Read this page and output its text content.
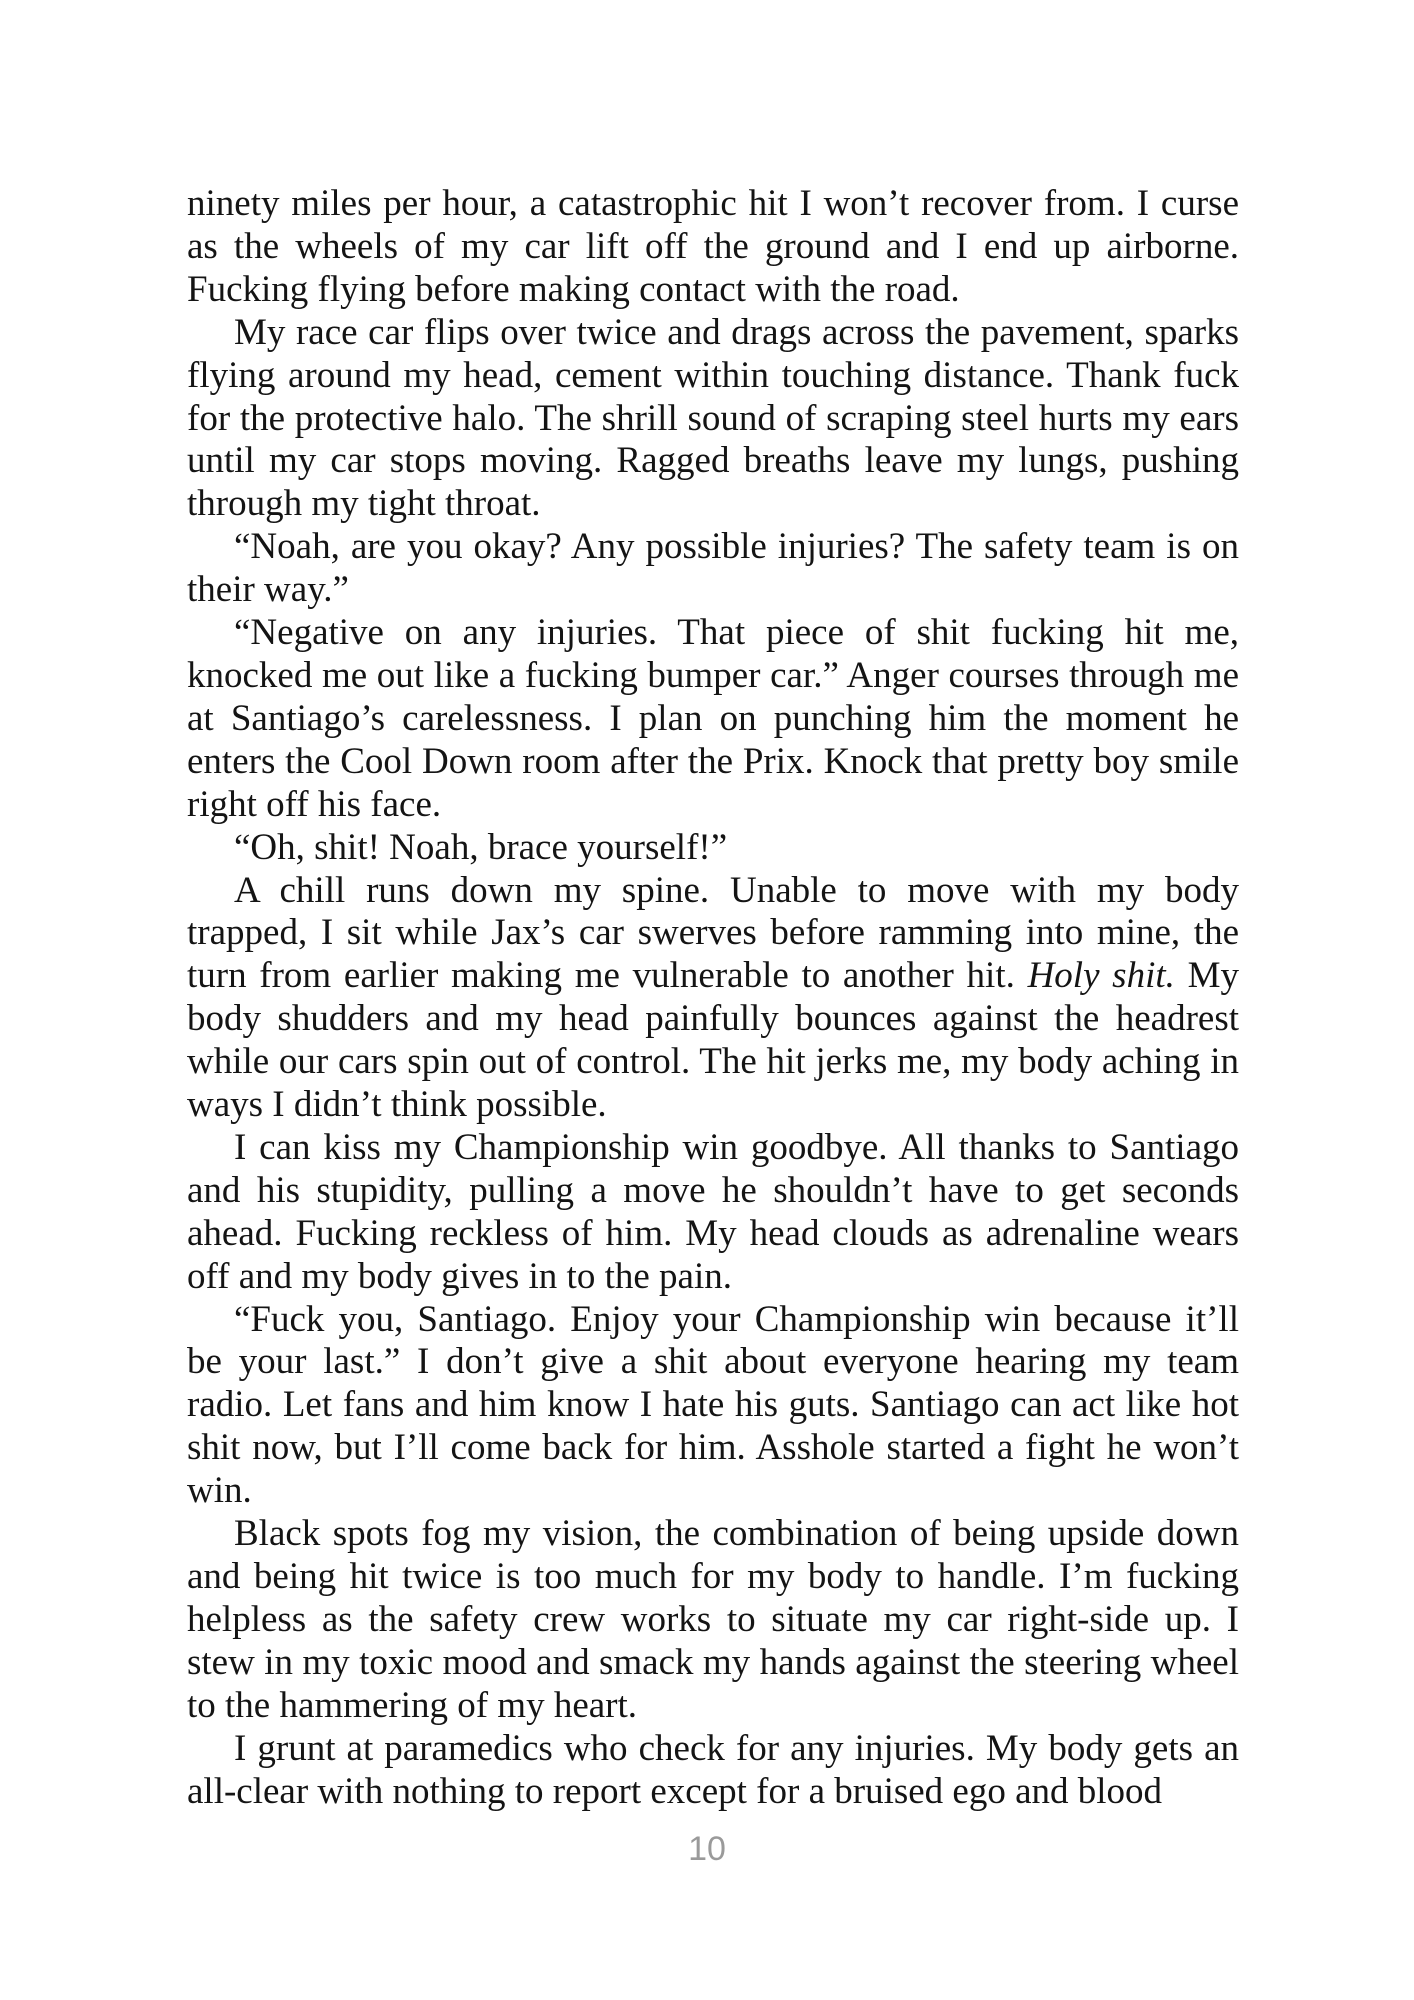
ninety miles per hour, a catastrophic hit I won’t recover from. I curse as the wheels of my car lift off the ground and I end up airborne. Fucking flying before making contact with the road.

My race car flips over twice and drags across the pavement, sparks flying around my head, cement within touching distance. Thank fuck for the protective halo. The shrill sound of scraping steel hurts my ears until my car stops moving. Ragged breaths leave my lungs, pushing through my tight throat.

“Noah, are you okay? Any possible injuries? The safety team is on their way.”

“Negative on any injuries. That piece of shit fucking hit me, knocked me out like a fucking bumper car.” Anger courses through me at Santiago’s carelessness. I plan on punching him the moment he enters the Cool Down room after the Prix. Knock that pretty boy smile right off his face.

“Oh, shit! Noah, brace yourself!”

A chill runs down my spine. Unable to move with my body trapped, I sit while Jax’s car swerves before ramming into mine, the turn from earlier making me vulnerable to another hit. Holy shit. My body shudders and my head painfully bounces against the headrest while our cars spin out of control. The hit jerks me, my body aching in ways I didn’t think possible.

I can kiss my Championship win goodbye. All thanks to Santiago and his stupidity, pulling a move he shouldn’t have to get seconds ahead. Fucking reckless of him. My head clouds as adrenaline wears off and my body gives in to the pain.

“Fuck you, Santiago. Enjoy your Championship win because it’ll be your last.” I don’t give a shit about everyone hearing my team radio. Let fans and him know I hate his guts. Santiago can act like hot shit now, but I’ll come back for him. Asshole started a fight he won’t win.

Black spots fog my vision, the combination of being upside down and being hit twice is too much for my body to handle. I’m fucking helpless as the safety crew works to situate my car right-side up. I stew in my toxic mood and smack my hands against the steering wheel to the hammering of my heart.

I grunt at paramedics who check for any injuries. My body gets an all-clear with nothing to report except for a bruised ego and blood

10
